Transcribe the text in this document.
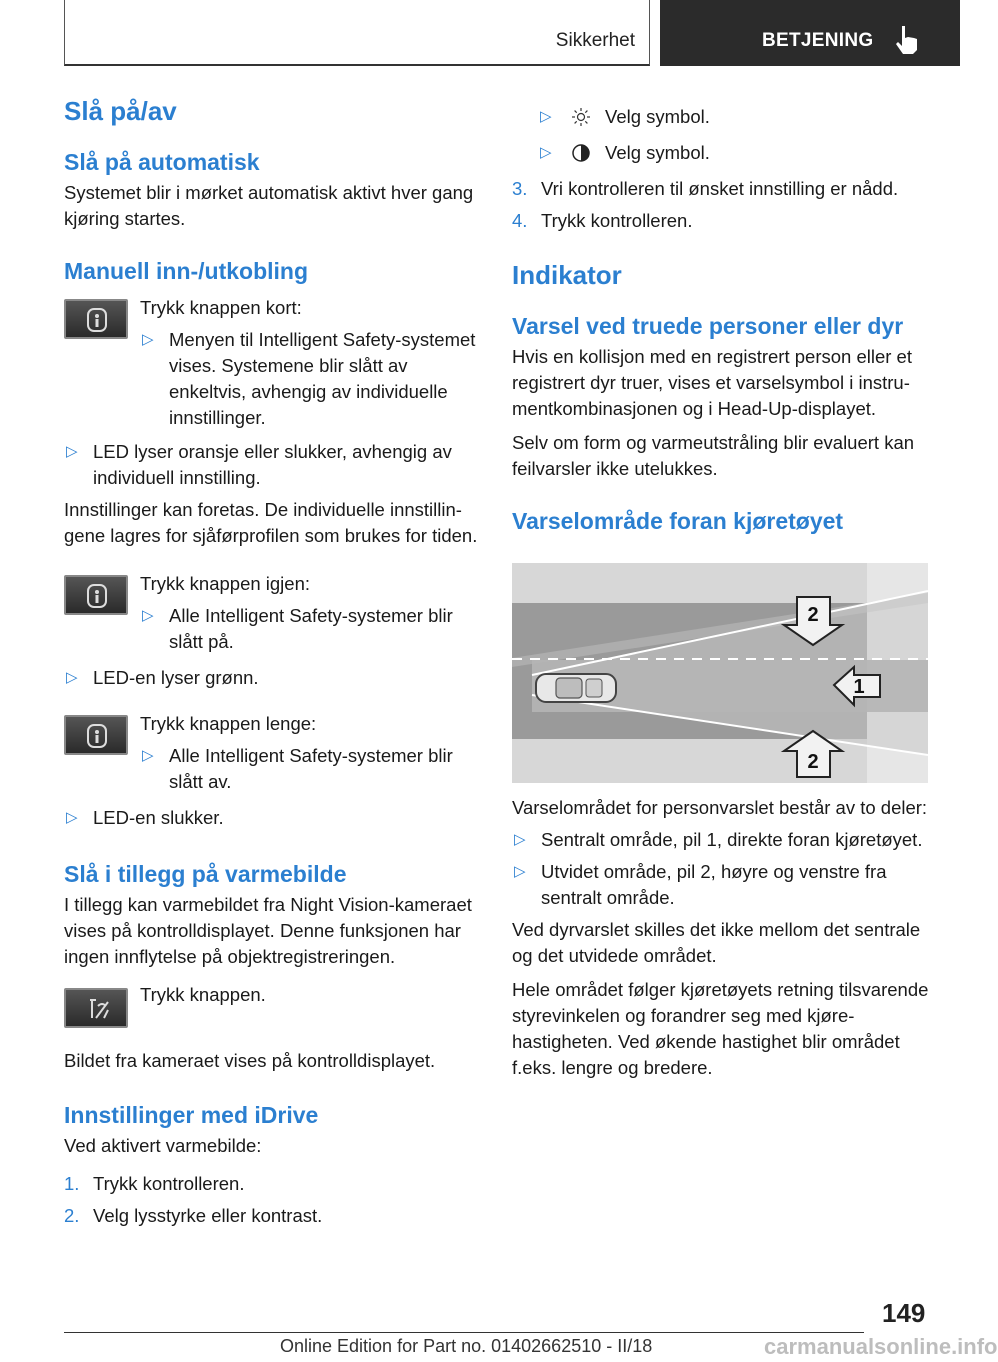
Sikkerhet	BETJENING
Slå på/av
Slå på automatisk

Systemet blir i mørket automatisk aktivt hver gang kjøring startes.

Manuell inn-/utkobling

Trykk knappen kort:

▷ Menyen til Intelligent Safety-systemet vises. Systemene blir slått av enkeltvis, avhengig av individuelle innstillinger.
▷ LED lyser oransje eller slukker, avhengig av individuell innstilling.

Innstillinger kan foretas. De individuelle innstillingene lagres for sjåførprofilen som brukes for tiden.

Trykk knappen igjen:

▷ Alle Intelligent Safety-systemer blir slått på.
▷ LED-en lyser grønn.

Trykk knappen lenge:

▷ Alle Intelligent Safety-systemer blir slått av.
▷ LED-en slukker.
Slå i tillegg på varmebilde

I tillegg kan varmebildet fra Night Vision-kameraet vises på kontrolldisplayet. Denne funksjonen har ingen innflytelse på objektregistreringen.

Trykk knappen.

Bildet fra kameraet vises på kontrolldisplayet.

Innstillinger med iDrive

Ved aktivert varmebilde:

1. Trykk kontrolleren.
2. Velg lysstyrke eller kontrast.
▷	Velg symbol.
▷	Velg symbol.
3. Vri kontrolleren til ønsket innstilling er nådd.
4. Trykk kontrolleren.
Indikator
Varsel ved truede personer eller dyr

Hvis en kollisjon med en registrert person eller et registrert dyr truer, vises et varselsymbol i instrumentkombinasjonen og i Head-Up-displayet.

Selv om form og varmeutstråling blir evaluert kan feilvarsler ikke utelukkes.

Varselområde foran kjøretøyet
2
1
2

Varselområdet for personvarslet består av to deler:

▷ Sentralt område, pil 1, direkte foran kjøretøyet.
▷ Utvidet område, pil 2, høyre og venstre fra sentralt område.

Ved dyrvarslet skilles det ikke mellom det sentrale og det utvidede området.

Hele området følger kjøretøyets retning tilsvarende styrevinkelen og forandrer seg med kjørehastigheten. Ved økende hastighet blir området f.eks. lengre og bredere.

149
Online Edition for Part no. 01402662510 - II/18	carmanualsonline.info
